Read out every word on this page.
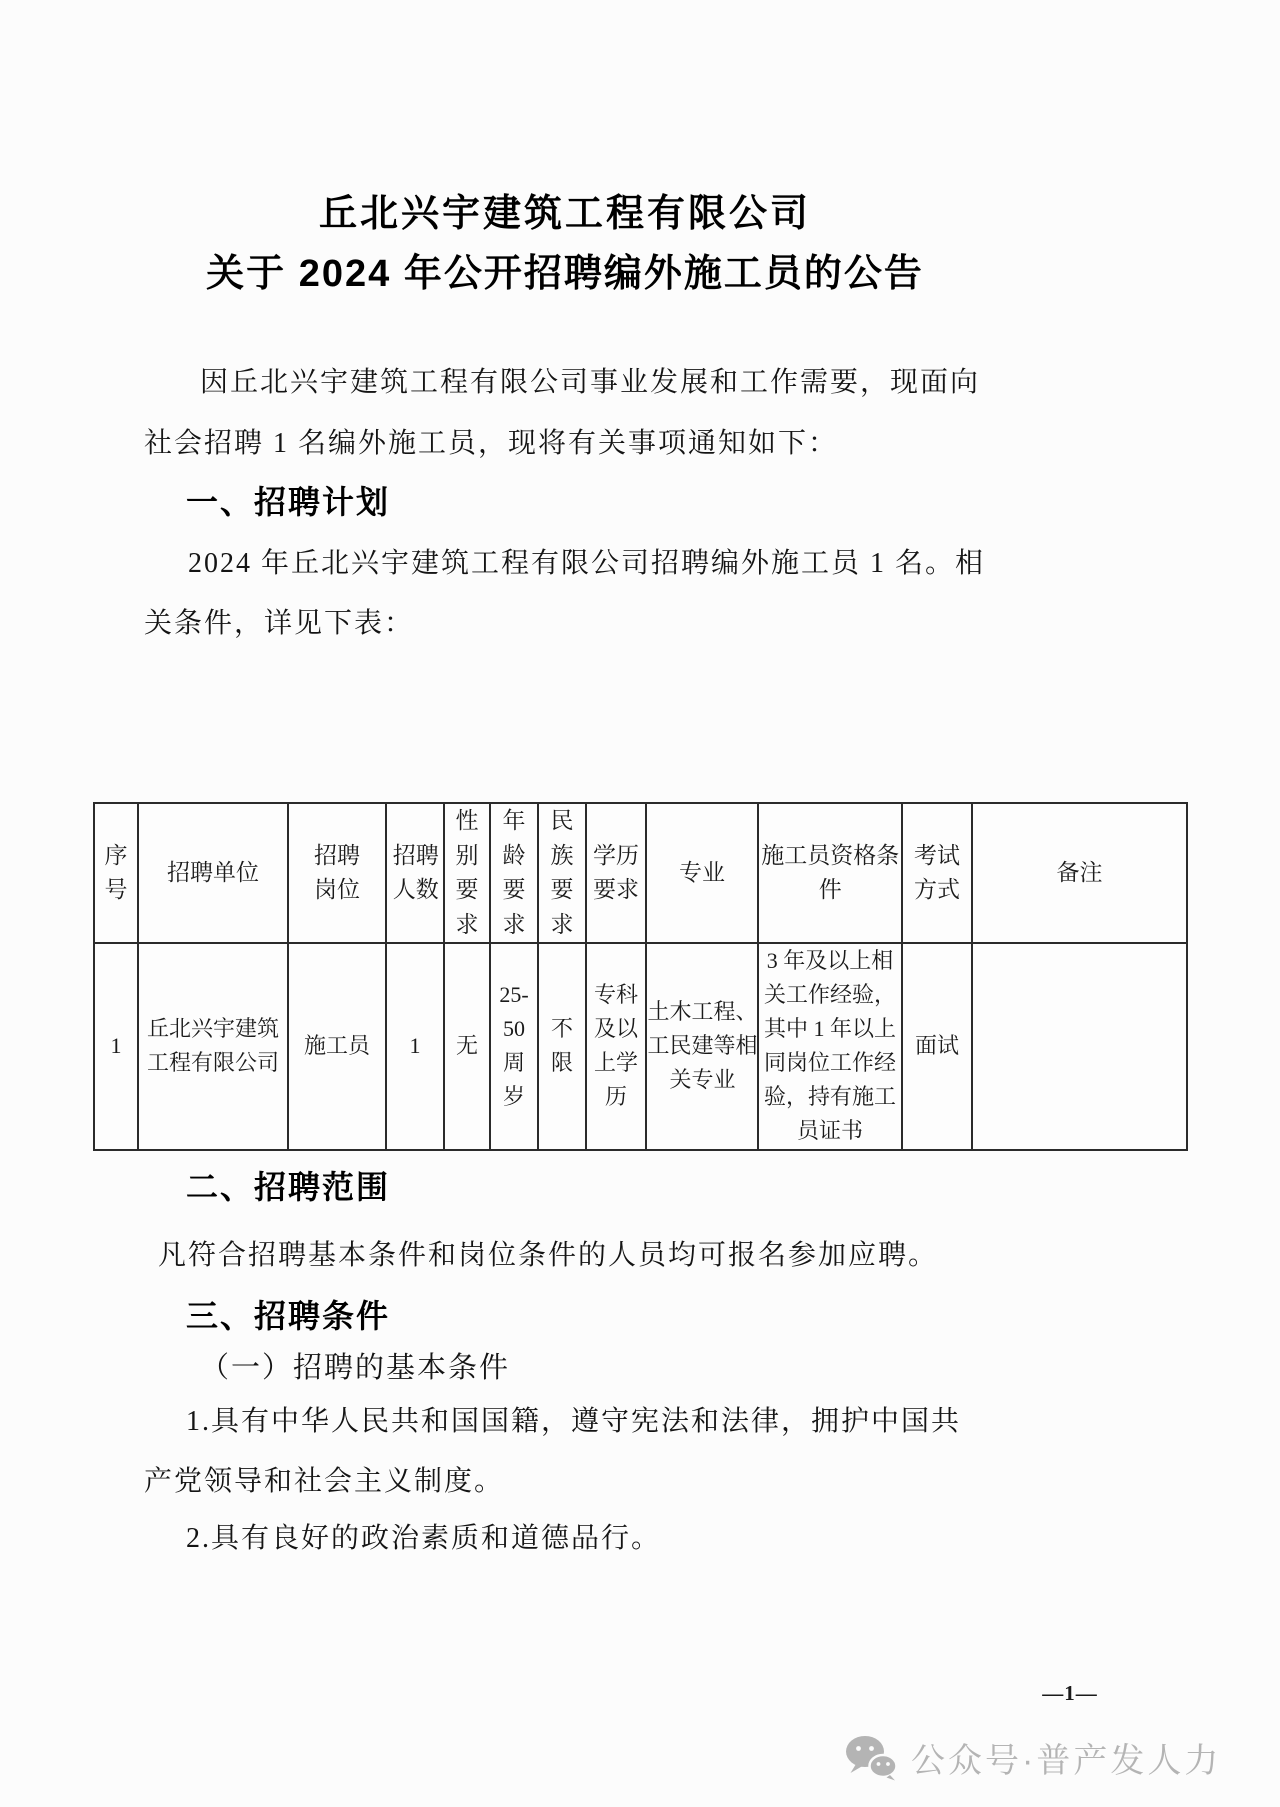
丘北兴宇建筑工程有限公司
关于 2024 年公开招聘编外施工员的公告
因丘北兴宇建筑工程有限公司事业发展和工作需要，现面向
社会招聘 1 名编外施工员，现将有关事项通知如下：
一、招聘计划
2024 年丘北兴宇建筑工程有限公司招聘编外施工员 1 名。相
关条件，详见下表：
序号	招聘单位	招聘岗位	招聘人数	性别要求	年龄要求	民族要求	学历要求	专业	施工员资格条件	考试方式	备注

1	丘北兴宇建筑工程有限公司	施工员	1	无	25-50周岁	不限	专科及以上学历	土木工程、工民建等相关专业	3 年及以上相关工作经验，其中 1 年以上同岗位工作经验，持有施工员证书	面试	

二、招聘范围
凡符合招聘基本条件和岗位条件的人员均可报名参加应聘。
三、招聘条件
（一）招聘的基本条件
1.具有中华人民共和国国籍，遵守宪法和法律，拥护中国共
产党领导和社会主义制度。
2.具有良好的政治素质和道德品行。
—1—
公众号·普产发人力
